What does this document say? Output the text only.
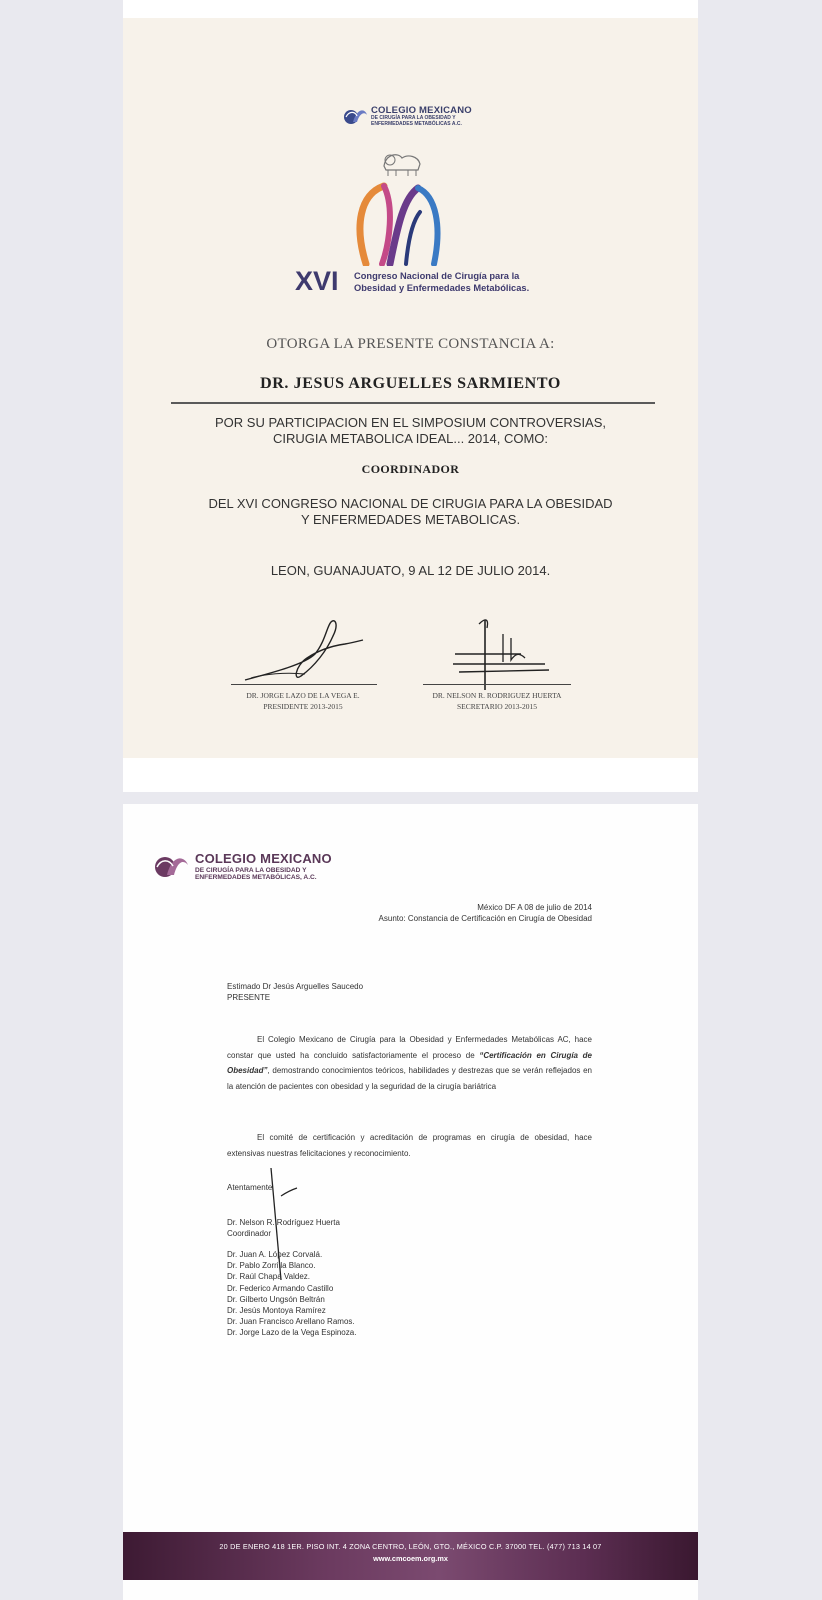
COLEGIO MEXICANO
DE CIRUGÍA PARA LA OBESIDAD Y ENFERMEDADES METABÓLICAS A.C.
XVI Congreso Nacional de Cirugía para la
Obesidad y Enfermedades Metabólicas.
OTORGA LA PRESENTE CONSTANCIA A:
DR. JESUS ARGUELLES SARMIENTO
POR SU PARTICIPACION EN EL SIMPOSIUM CONTROVERSIAS,
CIRUGIA METABOLICA IDEAL... 2014, COMO:
COORDINADOR
DEL XVI CONGRESO NACIONAL DE CIRUGIA PARA LA OBESIDAD
Y ENFERMEDADES METABOLICAS.
LEON, GUANAJUATO, 9 AL 12 DE JULIO 2014.
DR. JORGE LAZO DE LA VEGA E.
PRESIDENTE 2013-2015
DR. NELSON R. RODRIGUEZ HUERTA
SECRETARIO 2013-2015
COLEGIO MEXICANO
DE CIRUGÍA PARA LA OBESIDAD Y
ENFERMEDADES METABÓLICAS, A.C.
México DF A 08 de julio de 2014
Asunto: Constancia de Certificación en Cirugía de Obesidad
Estimado Dr Jesús Arguelles Saucedo
PRESENTE
El Colegio Mexicano de Cirugía para la Obesidad y Enfermedades Metabólicas AC, hace constar que usted ha concluido satisfactoriamente el proceso de “Certificación en Cirugía de Obesidad”, demostrando conocimientos teóricos, habilidades y destrezas que se verán reflejados en la atención de pacientes con obesidad y la seguridad de la cirugía bariátrica
El comité de certificación y acreditación de programas en cirugía de obesidad, hace extensivas nuestras felicitaciones y reconocimiento.
Atentamente
Dr. Nelson R. Rodríguez Huerta
Coordinador
Dr. Juan A. López Corvalá.
Dr. Pablo Zorrilla Blanco.
Dr. Raúl Chapa Valdez.
Dr. Federico Armando Castillo
Dr. Gilberto Ungsón Beltrán
Dr. Jesús Montoya Ramírez
Dr. Juan Francisco Arellano Ramos.
Dr. Jorge Lazo de la Vega Espinoza.
20 DE ENERO 418 1ER. PISO INT. 4 ZONA CENTRO, LEÓN, GTO., MÉXICO C.P. 37000 TEL. (477) 713 14 07
www.cmcoem.org.mx
